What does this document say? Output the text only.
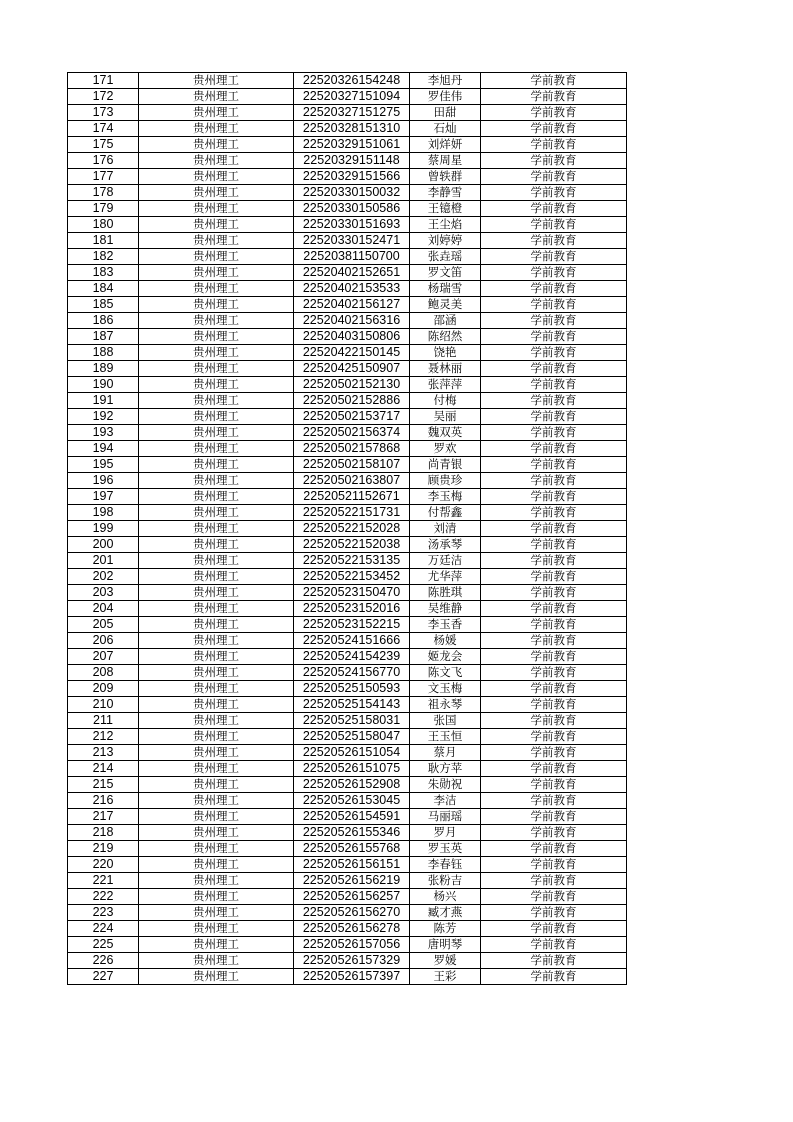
171	贵州理工	22520326154248	李旭丹	学前教育
172	贵州理工	22520327151094	罗佳伟	学前教育
173	贵州理工	22520327151275	田甜	学前教育
174	贵州理工	22520328151310	石灿	学前教育
175	贵州理工	22520329151061	刘烊妍	学前教育
176	贵州理工	22520329151148	蔡周星	学前教育
177	贵州理工	22520329151566	曾轶群	学前教育
178	贵州理工	22520330150032	李静雪	学前教育
179	贵州理工	22520330150586	王镱橙	学前教育
180	贵州理工	22520330151693	王尘焰	学前教育
181	贵州理工	22520330152471	刘婷婷	学前教育
182	贵州理工	22520381150700	张垚瑶	学前教育
183	贵州理工	22520402152651	罗文笛	学前教育
184	贵州理工	22520402153533	杨瑞雪	学前教育
185	贵州理工	22520402156127	鲍灵美	学前教育
186	贵州理工	22520402156316	邵涵	学前教育
187	贵州理工	22520403150806	陈绍然	学前教育
188	贵州理工	22520422150145	饶艳	学前教育
189	贵州理工	22520425150907	聂林丽	学前教育
190	贵州理工	22520502152130	张萍萍	学前教育
191	贵州理工	22520502152886	付梅	学前教育
192	贵州理工	22520502153717	吴丽	学前教育
193	贵州理工	22520502156374	魏双英	学前教育
194	贵州理工	22520502157868	罗欢	学前教育
195	贵州理工	22520502158107	尚青银	学前教育
196	贵州理工	22520502163807	顾贵珍	学前教育
197	贵州理工	22520521152671	李玉梅	学前教育
198	贵州理工	22520522151731	付帮鑫	学前教育
199	贵州理工	22520522152028	刘清	学前教育
200	贵州理工	22520522152038	汤承琴	学前教育
201	贵州理工	22520522153135	万廷洁	学前教育
202	贵州理工	22520522153452	尤华萍	学前教育
203	贵州理工	22520523150470	陈胜琪	学前教育
204	贵州理工	22520523152016	吴维静	学前教育
205	贵州理工	22520523152215	李玉香	学前教育
206	贵州理工	22520524151666	杨媛	学前教育
207	贵州理工	22520524154239	姬龙会	学前教育
208	贵州理工	22520524156770	陈文飞	学前教育
209	贵州理工	22520525150593	文玉梅	学前教育
210	贵州理工	22520525154143	祖永琴	学前教育
211	贵州理工	22520525158031	张国	学前教育
212	贵州理工	22520525158047	王玉恒	学前教育
213	贵州理工	22520526151054	蔡月	学前教育
214	贵州理工	22520526151075	耿方苹	学前教育
215	贵州理工	22520526152908	朱勋祝	学前教育
216	贵州理工	22520526153045	李洁	学前教育
217	贵州理工	22520526154591	马丽瑶	学前教育
218	贵州理工	22520526155346	罗月	学前教育
219	贵州理工	22520526155768	罗玉英	学前教育
220	贵州理工	22520526156151	李春钰	学前教育
221	贵州理工	22520526156219	张粉吉	学前教育
222	贵州理工	22520526156257	杨兴	学前教育
223	贵州理工	22520526156270	臧才燕	学前教育
224	贵州理工	22520526156278	陈芳	学前教育
225	贵州理工	22520526157056	唐明琴	学前教育
226	贵州理工	22520526157329	罗媛	学前教育
227	贵州理工	22520526157397	王彩	学前教育
